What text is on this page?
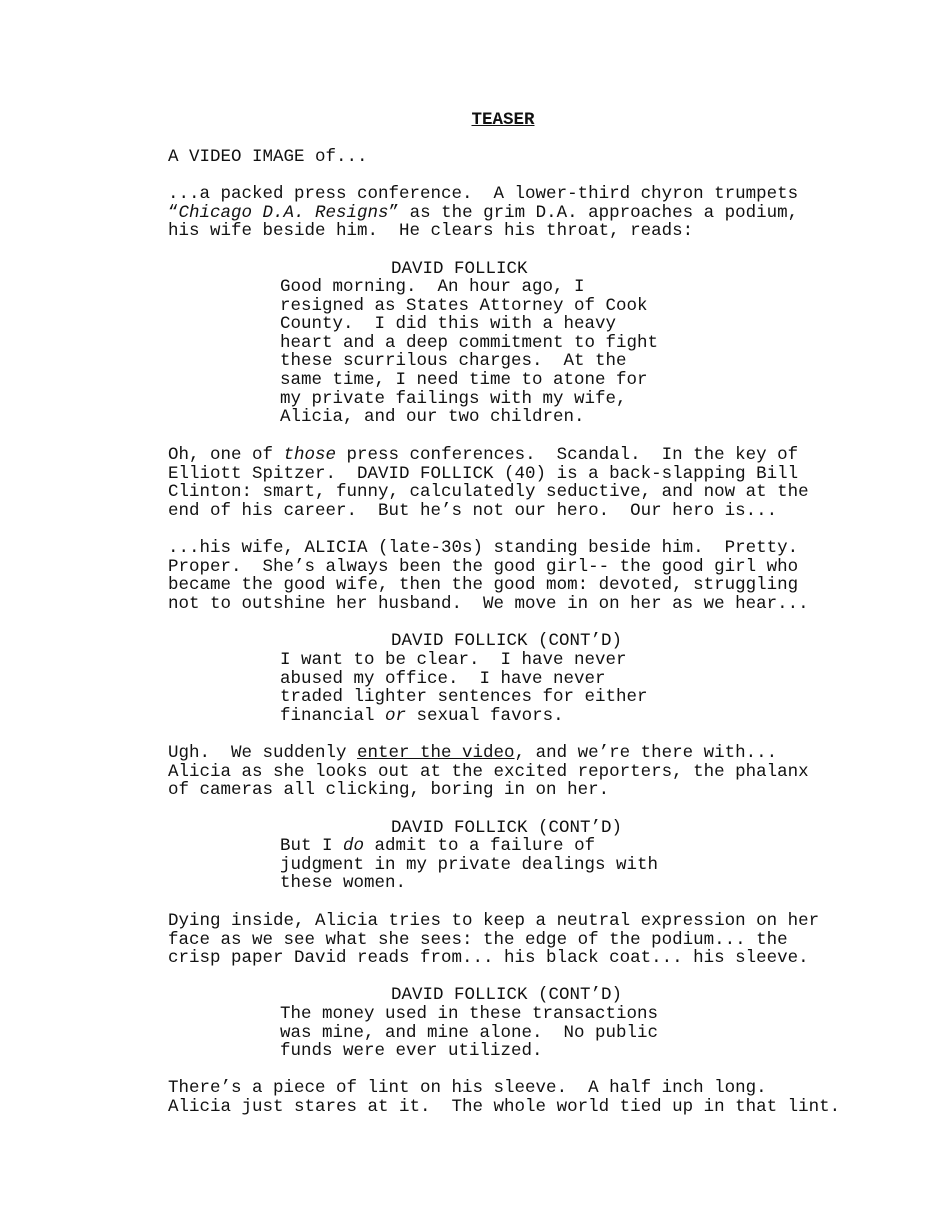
TEASER
A VIDEO IMAGE of...
...a packed press conference.  A lower-third chyron trumpets
“Chicago D.A. Resigns” as the grim D.A. approaches a podium,
his wife beside him.  He clears his throat, reads:
DAVID FOLLICK
Good morning.  An hour ago, I
resigned as States Attorney of Cook
County.  I did this with a heavy
heart and a deep commitment to fight
these scurrilous charges.  At the
same time, I need time to atone for
my private failings with my wife,
Alicia, and our two children.
Oh, one of those press conferences.  Scandal.  In the key of
Elliott Spitzer.  DAVID FOLLICK (40) is a back-slapping Bill
Clinton: smart, funny, calculatedly seductive, and now at the
end of his career.  But he’s not our hero.  Our hero is...
...his wife, ALICIA (late-30s) standing beside him.  Pretty.
Proper.  She’s always been the good girl-- the good girl who
became the good wife, then the good mom: devoted, struggling
not to outshine her husband.  We move in on her as we hear...
DAVID FOLLICK (CONT’D)
I want to be clear.  I have never
abused my office.  I have never
traded lighter sentences for either
financial or sexual favors.
Ugh.  We suddenly enter the video, and we’re there with...
Alicia as she looks out at the excited reporters, the phalanx
of cameras all clicking, boring in on her.
DAVID FOLLICK (CONT’D)
But I do admit to a failure of
judgment in my private dealings with
these women.
Dying inside, Alicia tries to keep a neutral expression on her
face as we see what she sees: the edge of the podium... the
crisp paper David reads from... his black coat... his sleeve.
DAVID FOLLICK (CONT’D)
The money used in these transactions
was mine, and mine alone.  No public
funds were ever utilized.
There’s a piece of lint on his sleeve.  A half inch long.
Alicia just stares at it.  The whole world tied up in that lint.
